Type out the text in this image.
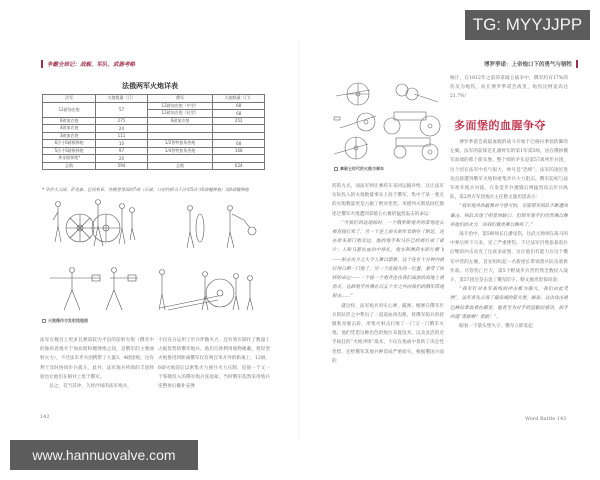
争霸全球记：战舰、军队、武器考略
法俄两军火炮详表
法军	火炮数量（门）	俄军	火炮数量（门）
12磅加农炮	57	12磅加农炮（中型）	68
		12磅加农炮（轻型）	68
6磅加农炮	275	6磅加农炮	252
4磅加农炮	24		
3磅加农炮	111		
6法寸6磅榴弹炮	10	1/2普特独角兽炮	68
5法寸6磅榴弹炮	97	1/4普特独角兽炮	168
黄金榴弹炮*	20		
总数	594	总数	624
* 华沙大公国、萨克森、巴伐利亚、符腾堡等国的7磅（石磅，口径约相当于法军5法寸6磅榴弹炮）及8磅榴弹炮
火炮操作与发射流程图

法军在数目上更多且弹道较为平直的前射火炮（俄军中的独角兽炮介于加农炮和榴弹炮之间，是俄军的主要曲射火力），不过法军步兵团携带了大量3、4磅团炮，这有利于及时协同步兵战斗。此外，法军炮兵将领的丰富经验也让他们在相对上优于俄军。

总之，首当其冲、久经沙场的法军炮兵，

不仅充分运用了步兵伴随火力，还有效压制住了数量上占据优势的俄军炮兵。他们巧妙利用地物掩蔽，将轻型火炮推进到距离俄军仅有两百米开外的距离上，12磅、6磅火炮前后以密集火力展开火力压制，迫使一个又一个零散投入的俄军炮兵连退却，当时俄军依然采用炮兵连整体后撤补充弹

142
博罗季诺：上帝炮口下的勇气与牺牲
拿破仑时代的火炮与弹车

药的方式，而法军则让弹药车来回运输补给，这让法军实际投入的火炮数量事实上高于俄军，集中于某一要点的火炮数量更是占据了绝对优势。米德列夫斯基回忆描述过俄军火炮遭到拿破仑右翼的猛烈轰击的命运：

“当我们到达现场时，一个俄罗斯炮兵的掌炮连长被直接打死了，另一个连上前头的军官倒在了附近，还在原来那门炮旁边，他的炮手和马匹已经被打成了碎片；人和马都在血泊中挣扎，炮车和弹药车碎片横飞——射击火力之大令人难以想象，这个连在十分钟内被打得只剩一门炮了，另一个连损失同一位置，蒙受了同样的命运——一个接一个炮兵连在我们面前的高地上被消灭，这群炮手仿佛在以五十步之外向我们的俄军阵地射击……”

就这样，法军炮兵用实心弹、霰弹、榴弹在俄军步兵的队形之中犁出了一道道血肉沟壑，将俄军骑兵的骄傲和身躯击碎，用集火射击打哑了一门又一门俄军火炮。他们凭借这种出色的炮位布置技术，以及灵活的近乎疯狂的“火炮冲锋”战术，不仅在炮战中扭转了决定性优势，还给俄军其他兵种造成严重损失。根据俄国方面的

统计，在1812年之前的拿破仑战争中，俄军约有17%的伤员为炮伤，而在博罗季诺会战里，炮伤比例竟高达21.7%！

多面堡的血腥争夺

博罗季诺会战最血腥的战斗开始于巴格拉季翁防御的左翼。法军的前锋是孔潘将军的第1军第5师，居在俄掉俄军南端的那个箭头堡。整个师的矛头是第57战列步兵团，这个团在法军中名气很大，绰号是“恐怖”。法军的凌厉进攻直接遭到俄军火炮和密集步兵大力阻击。俄军起初与法军初开炮兵对战，在发觉步兵摧毁后则猛烈攻击步兵纵队，第2西方军团炮兵主任勒文施坦恩表示：

“我军炮兵的霰弹对今曾可怕，尽管很军纵队不断遭到暴击。纵队出现了明显的缺口，但很军炮手们仍然难以维持他们的火力，而我们就更难以维持了。”

战斗恰中，第5师师长孔潘受伤，达武元帅则在战马的中弹后摔下马来，受了严重挫伤。不过法军仍然依靠前仆后继的冲击攻克了这座多面堡，这让他们有能力在这个俄军中营的左翼，首先组织起一名新团长带领溃兵队伍重新作战。尽管伤亡巨大，第5个野战步兵营仍然全数投入战斗，第57团还是击退了俄军防守，勒文施坦恩惊叹道：

“我军针对本军战线的冲击极为强大，我们由此受挫”，法军首先占领了最南端的箭头堡。据说，这次攻击被巴格拉季翁看在眼里，他甚至为对手的坚毅而感动，拍手叫道“勇敢啊！勇敢！”。

眼看一个箭头堡失守，俄军立即发起

Word Battle 143
TG: MYYJJPP
www.hannuovalve.com
